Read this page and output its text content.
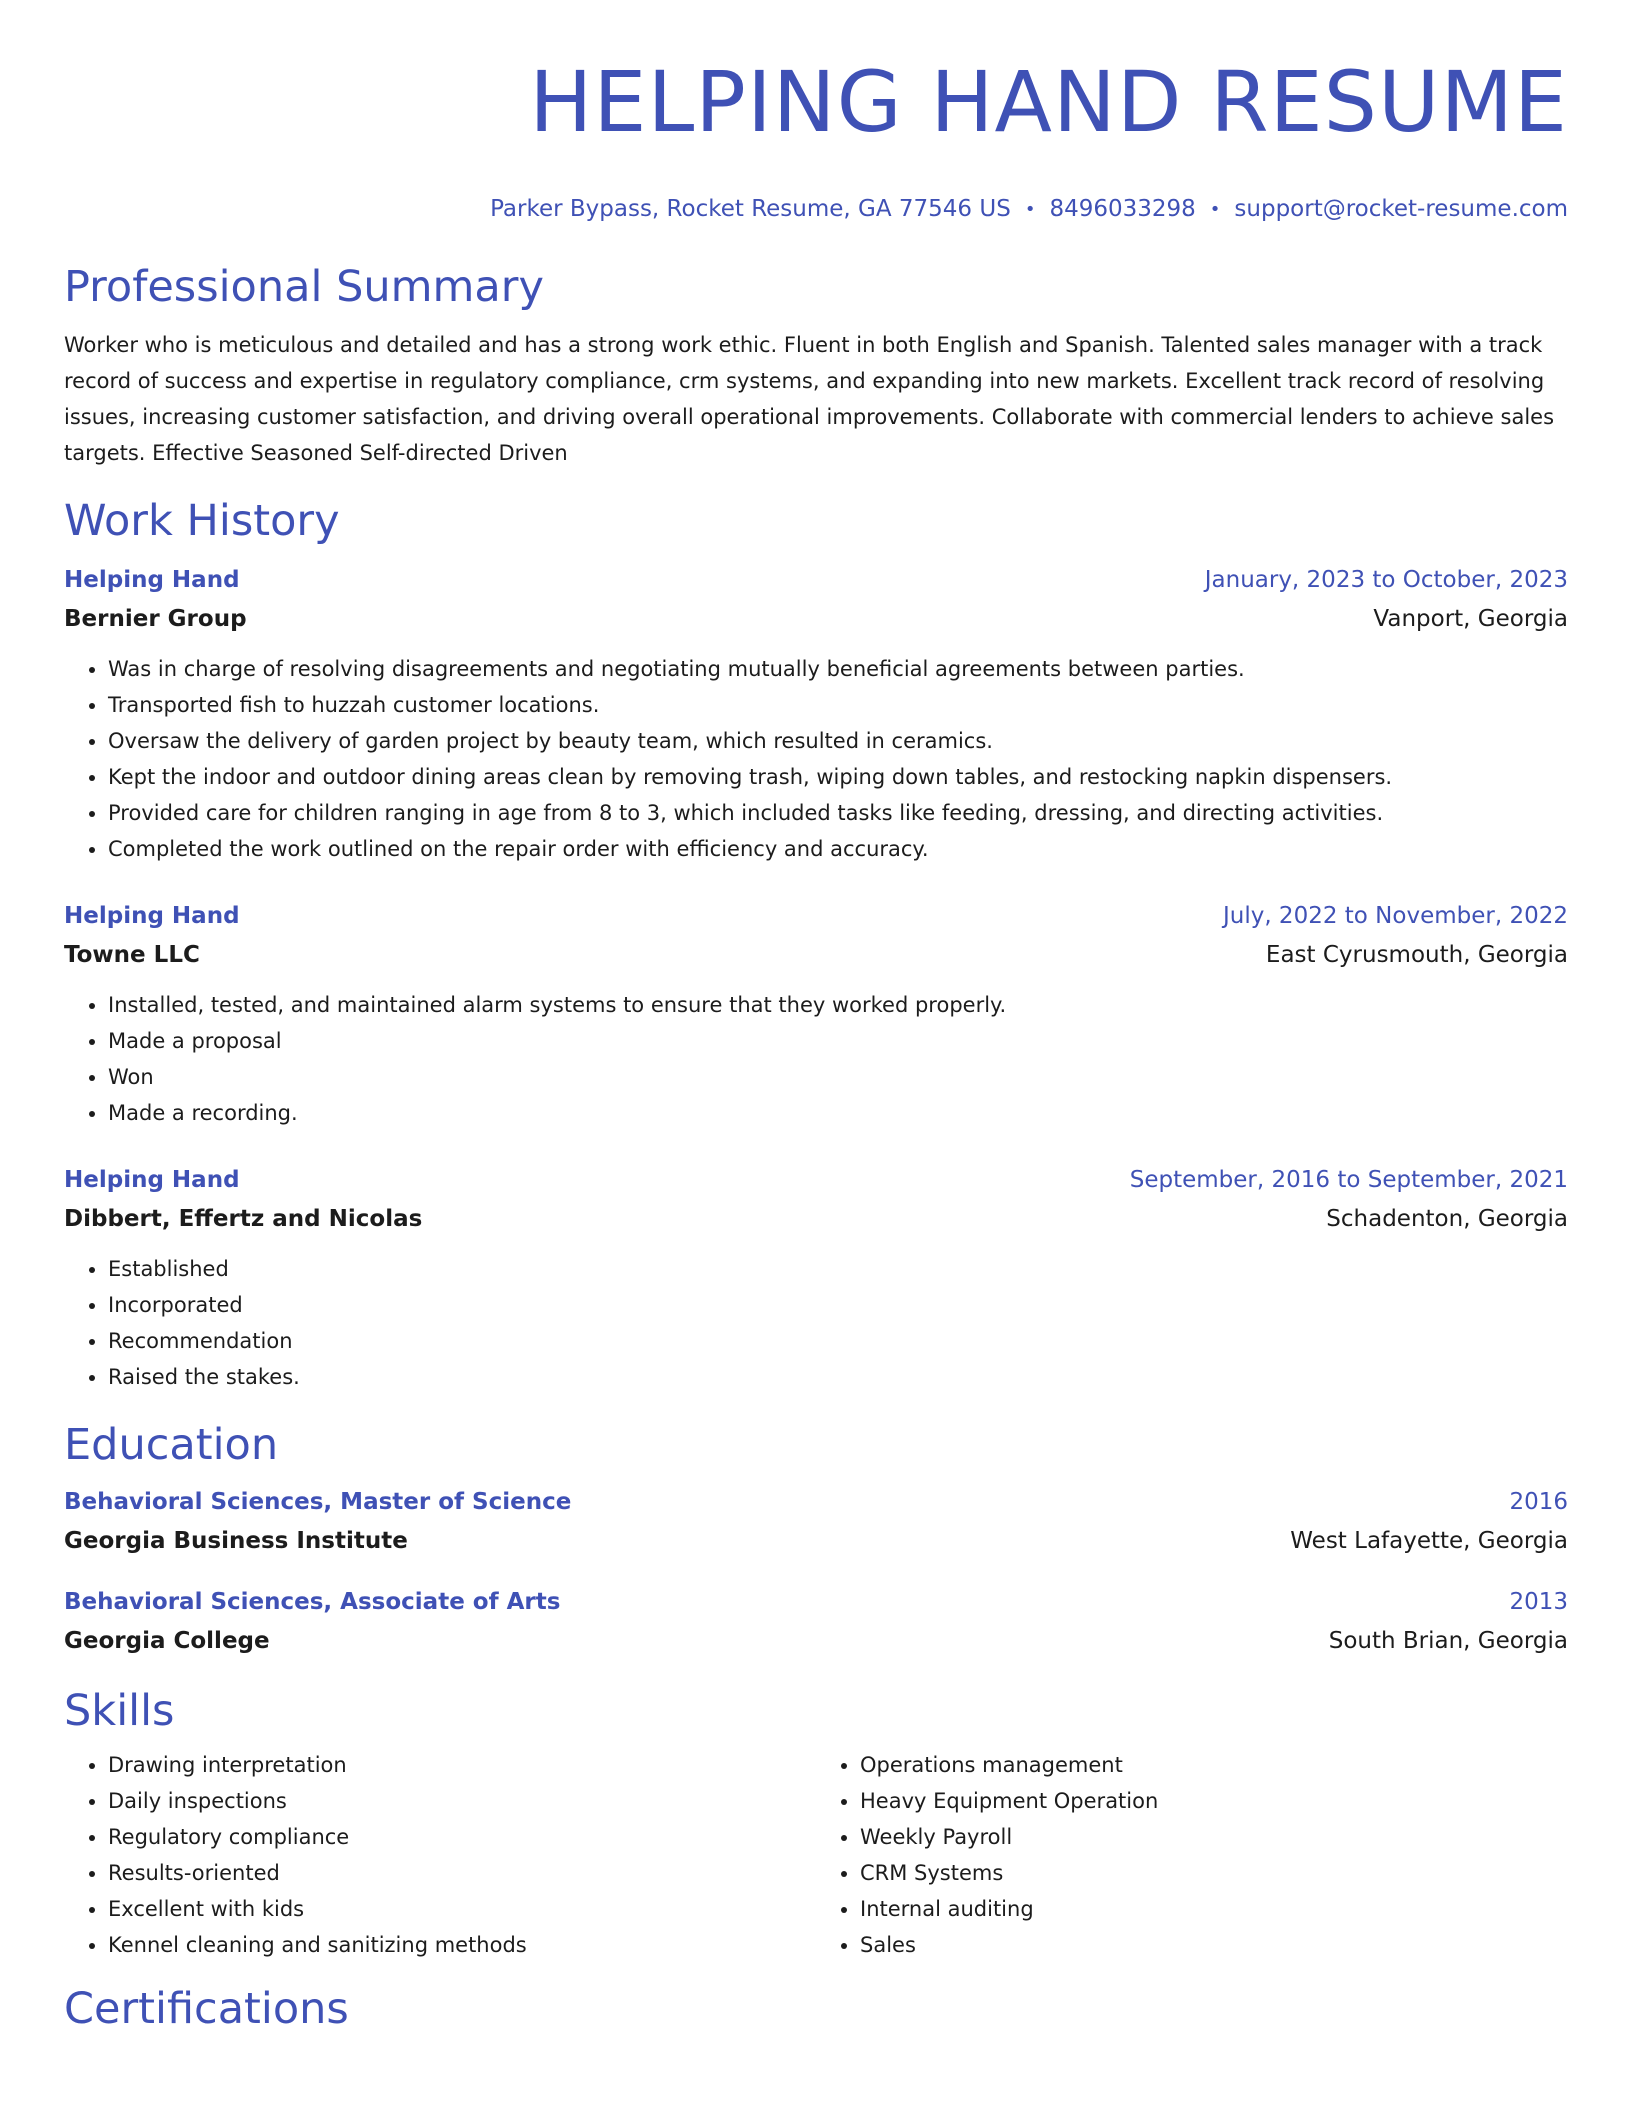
HELPING HAND RESUME
Parker Bypass, Rocket Resume, GA 77546 US • 8496033298 • support@rocket-resume.com
Professional Summary

Worker who is meticulous and detailed and has a strong work ethic. Fluent in both English and Spanish. Talented sales manager with a track record of success and expertise in regulatory compliance, crm systems, and expanding into new markets. Excellent track record of resolving issues, increasing customer satisfaction, and driving overall operational improvements. Collaborate with commercial lenders to achieve sales targets. Effective Seasoned Self-directed Driven

Work History
Helping Hand	January, 2023 to October, 2023
Bernier Group	Vanport, Georgia
• Was in charge of resolving disagreements and negotiating mutually beneficial agreements between parties.
• Transported fish to huzzah customer locations.
• Oversaw the delivery of garden project by beauty team, which resulted in ceramics.
• Kept the indoor and outdoor dining areas clean by removing trash, wiping down tables, and restocking napkin dispensers.
• Provided care for children ranging in age from 8 to 3, which included tasks like feeding, dressing, and directing activities.
• Completed the work outlined on the repair order with efficiency and accuracy.
Helping Hand	July, 2022 to November, 2022
Towne LLC	East Cyrusmouth, Georgia
• Installed, tested, and maintained alarm systems to ensure that they worked properly.
• Made a proposal
• Won
• Made a recording.
Helping Hand	September, 2016 to September, 2021
Dibbert, Effertz and Nicolas	Schadenton, Georgia
• Established
• Incorporated
• Recommendation
• Raised the stakes.
Education
Behavioral Sciences, Master of Science	2016
Georgia Business Institute	West Lafayette, Georgia
Behavioral Sciences, Associate of Arts	2013
Georgia College	South Brian, Georgia
Skills
• Drawing interpretation
• Daily inspections
• Regulatory compliance
• Results-oriented
• Excellent with kids
• Kennel cleaning and sanitizing methods
• Operations management
• Heavy Equipment Operation
• Weekly Payroll
• CRM Systems
• Internal auditing
• Sales
Certifications
